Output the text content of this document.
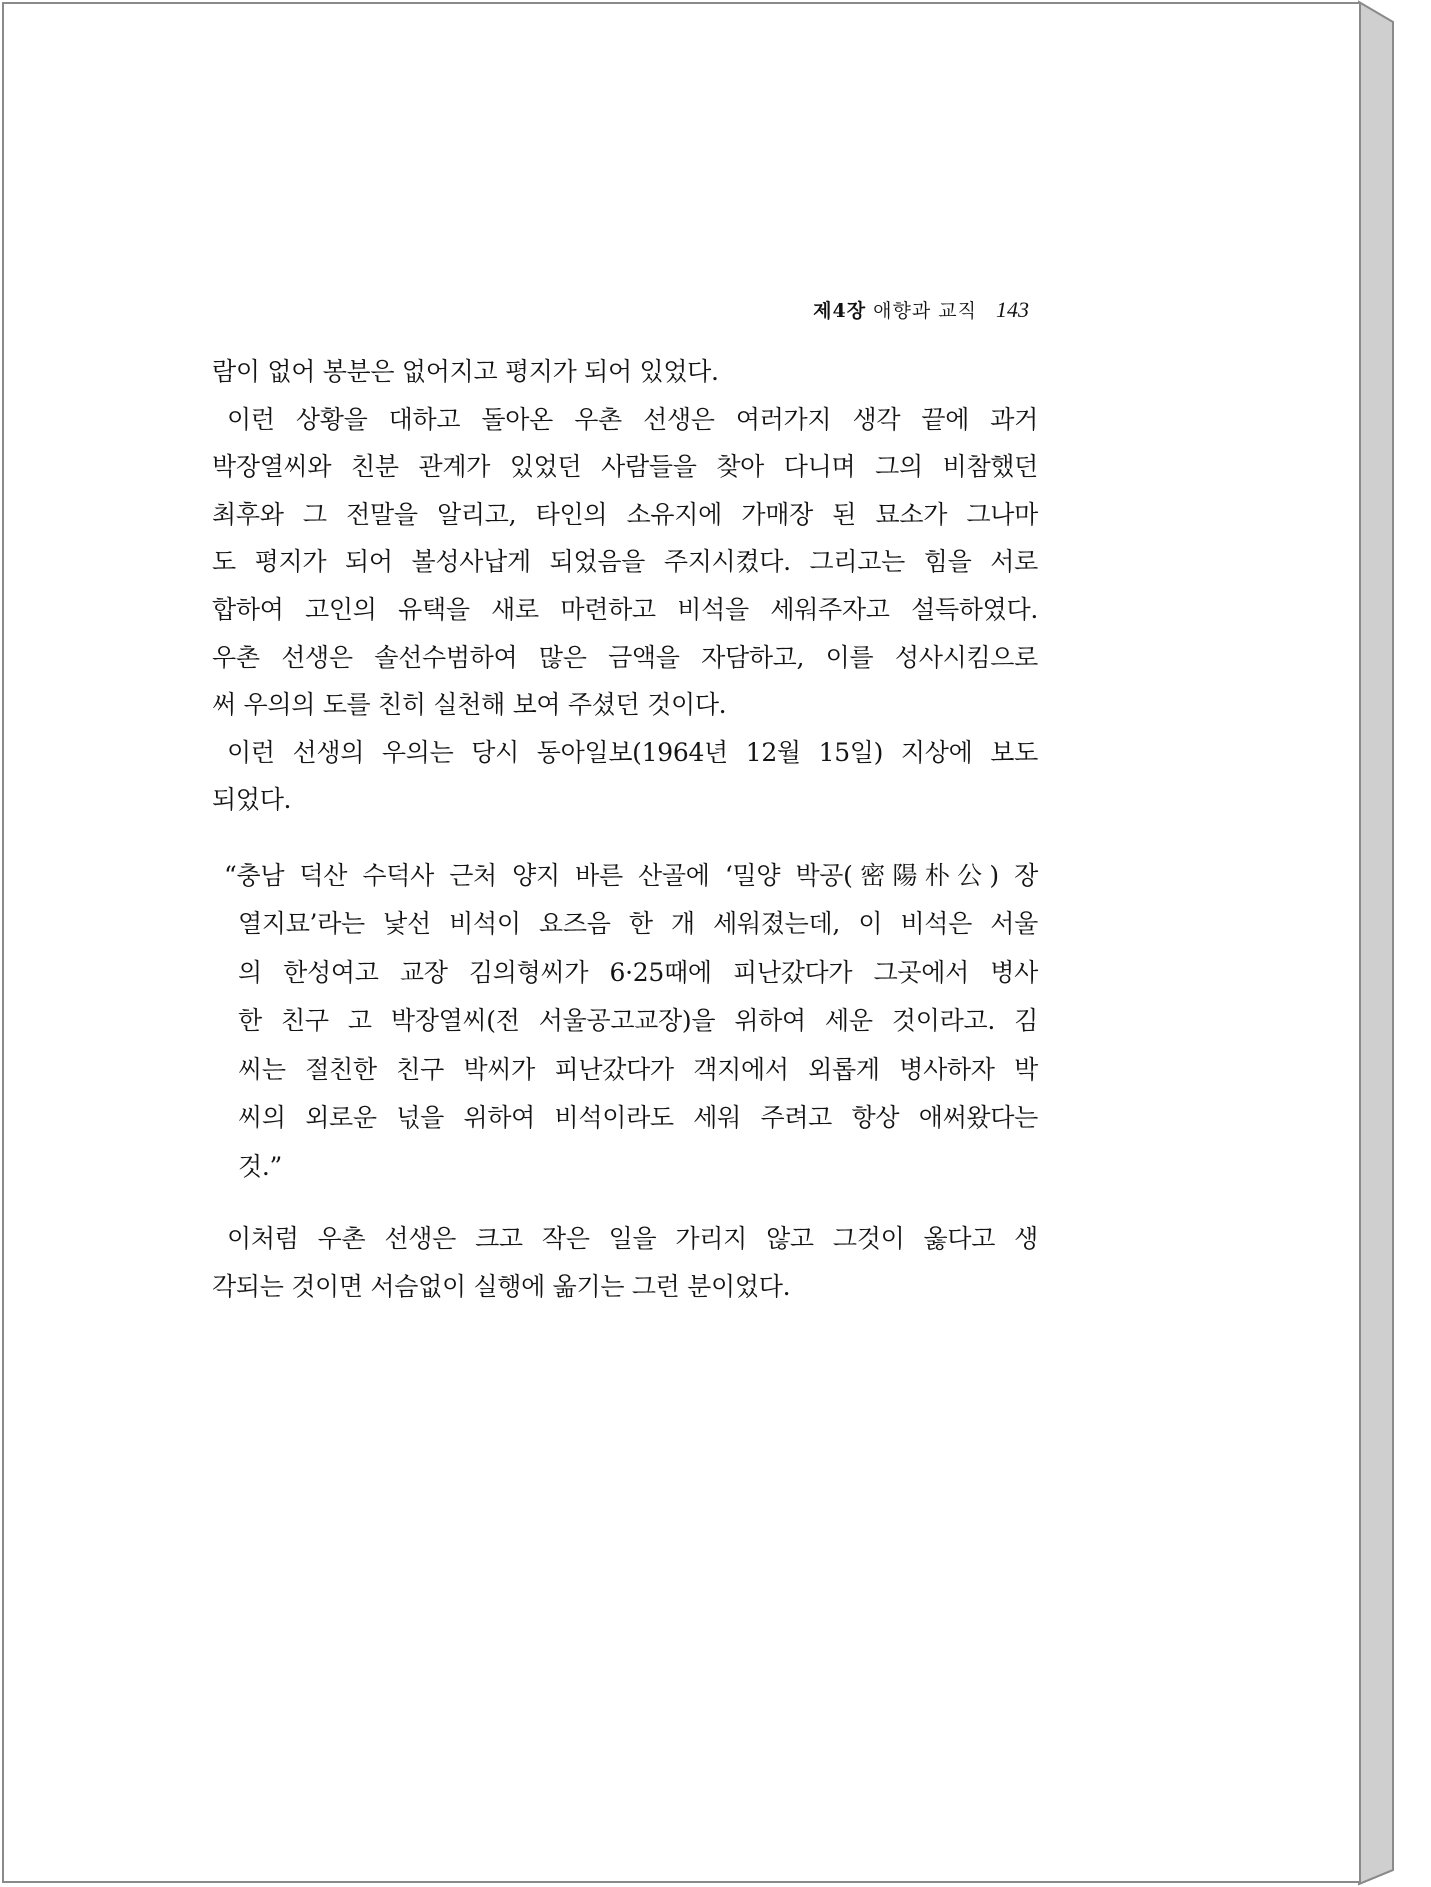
제4장 애향과 교직 143

람이 없어 봉분은 없어지고 평지가 되어 있었다.

이런 상황을 대하고 돌아온 우촌 선생은 여러가지 생각 끝에 과거
박장열씨와 친분 관계가 있었던 사람들을 찾아 다니며 그의 비참했던
최후와 그 전말을 알리고, 타인의 소유지에 가매장 된 묘소가 그나마
도 평지가 되어 볼성사납게 되었음을 주지시켰다. 그리고는 힘을 서로
합하여 고인의 유택을 새로 마련하고 비석을 세워주자고 설득하였다.
우촌 선생은 솔선수범하여 많은 금액을 자담하고, 이를 성사시킴으로
써 우의의 도를 친히 실천해 보여 주셨던 것이다.

이런 선생의 우의는 당시 동아일보(1964년 12월 15일) 지상에 보도
되었다.

“충남 덕산 수덕사 근처 양지 바른 산골에 ‘밀양 박공(密陽朴公) 장
열지묘’라는 낯선 비석이 요즈음 한 개 세워졌는데, 이 비석은 서울
의 한성여고 교장 김의형씨가 6·25때에 피난갔다가 그곳에서 병사
한 친구 고 박장열씨(전 서울공고교장)을 위하여 세운 것이라고. 김
씨는 절친한 친구 박씨가 피난갔다가 객지에서 외롭게 병사하자 박
씨의 외로운 넋을 위하여 비석이라도 세워 주려고 항상 애써왔다는
것.”

이처럼 우촌 선생은 크고 작은 일을 가리지 않고 그것이 옳다고 생
각되는 것이면 서슴없이 실행에 옮기는 그런 분이었다.
